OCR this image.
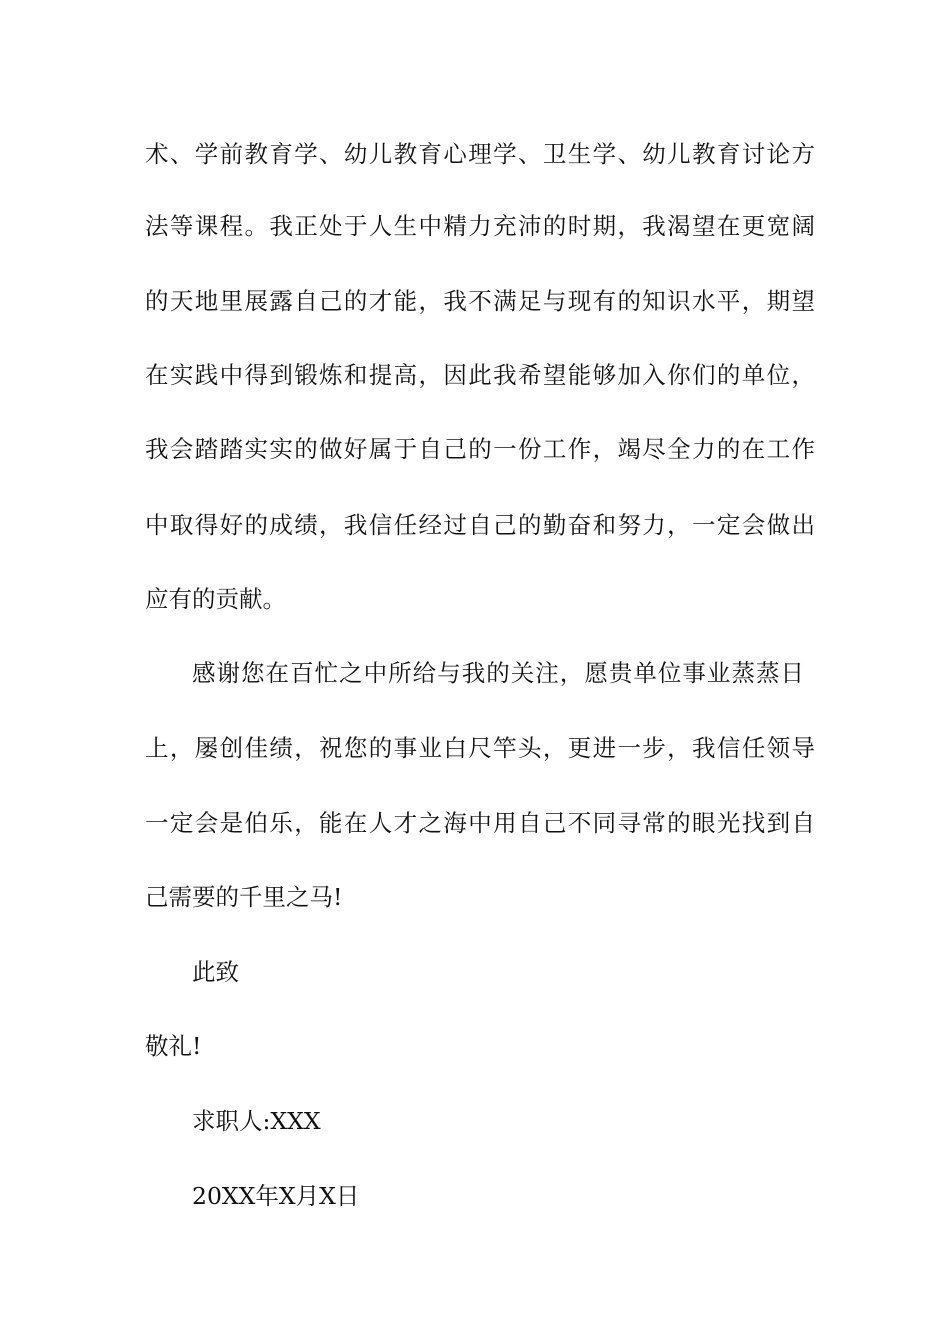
术、学前教育学、幼儿教育心理学、卫生学、幼儿教育讨论方
法等课程。我正处于人生中精力充沛的时期，我渴望在更宽阔
的天地里展露自己的才能，我不满足与现有的知识水平，期望
在实践中得到锻炼和提高，因此我希望能够加入你们的单位，
我会踏踏实实的做好属于自己的一份工作，竭尽全力的在工作
中取得好的成绩，我信任经过自己的勤奋和努力，一定会做出
应有的贡献。
感谢您在百忙之中所给与我的关注，愿贵单位事业蒸蒸日
上，屡创佳绩，祝您的事业白尺竿头，更进一步，我信任领导
一定会是伯乐，能在人才之海中用自己不同寻常的眼光找到自
己需要的千里之马!
此致
敬礼!
求职人:XXX
20XX年X月X日
